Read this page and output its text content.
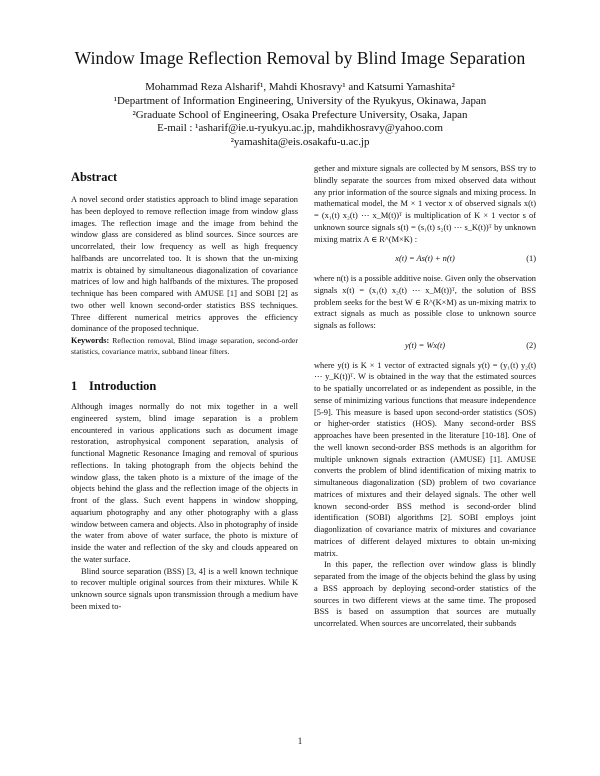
Window Image Reflection Removal by Blind Image Separation
Mohammad Reza Alsharif¹, Mahdi Khosravy¹ and Katsumi Yamashita²
¹Department of Information Engineering, University of the Ryukyus, Okinawa, Japan
²Graduate School of Engineering, Osaka Prefecture University, Osaka, Japan
E-mail : ¹asharif@ie.u-ryukyu.ac.jp, mahdikhosravy@yahoo.com
²yamashita@eis.osakafu-u.ac.jp
Abstract

A novel second order statistics approach to blind image separation has been deployed to remove reflection image from window glass images. The reflection image and the image from behind the window glass are considered as blind sources. Since sources are uncorrelated, their low frequency as well as high frequency halfbands are uncorrelated too. It is shown that the un-mixing matrix is obtained by simultaneous diagonalization of covariance matrices of low and high halfbands of the mixtures. The proposed technique has been compared with AMUSE [1] and SOBI [2] as two other well known second-order statistics BSS techniques. Three different numerical metrics approves the efficiency dominance of the proposed technique.

Keywords: Reflection removal, Blind image separation, second-order statistics, covariance matrix, subband linear filters.

1 Introduction

Although images normally do not mix together in a well engineered system, blind image separation is a problem encountered in various applications such as document image restoration, astrophysical component separation, analysis of functional Magnetic Resonance Imaging and removal of spurious reflections. In taking photograph from the objects behind the window glass, the taken photo is a mixture of the image of the objects behind the glass and the reflection image of the objects in front of the glass. Such event happens in window shopping, aquarium photography and any other photography with a glass window between camera and objects. Also in photography of inside the water from above of water surface, the photo is mixture of inside the water and reflection of the sky and clouds appeared on the water surface.

Blind source separation (BSS) [3, 4] is a well known technique to recover multiple original sources from their mixtures. While K unknown source signals upon transmission through a medium have been mixed to-

gether and mixture signals are collected by M sensors, BSS try to blindly separate the sources from mixed observed data without any prior information of the source signals and mixing process. In mathematical model, the M × 1 vector x of observed signals x(t) = (x₁(t) x₂(t) ⋯ x_M(t))ᵀ is multiplication of K × 1 vector s of unknown source signals s(t) = (s₁(t) s₂(t) ⋯ s_K(t))ᵀ by unknown mixing matrix A ∈ R^(M×K) :

x(t) = As(t) + n(t)	(1)

where n(t) is a possible additive noise. Given only the observation signals x(t) = (x₁(t) x₂(t) ⋯ x_M(t))ᵀ, the solution of BSS problem seeks for the best W ∈ R^(K×M) as un-mixing matrix to extract signals as much as possible close to unknown source signals as follows:

y(t) = Wx(t)	(2)

where y(t) is K × 1 vector of extracted signals y(t) = (y₁(t) y₂(t) ⋯ y_K(t))ᵀ. W is obtained in the way that the estimated sources to be spatially uncorrelated or as independent as possible, in the sense of minimizing various functions that measure independence [5-9]. This measure is based upon second-order statistics (SOS) or higher-order statistics (HOS). Many second-order BSS approaches have been presented in the literature [10-18]. One of the well known second-order BSS methods is an algorithm for multiple unknown signals extraction (AMUSE) [1]. AMUSE converts the problem of blind identification of mixing matrix to simultaneous diagonalization (SD) problem of two covariance matrices of mixtures and their delayed signals. The other well known second-order BSS method is second-order blind identification (SOBI) algorithms [2]. SOBI employs joint diagonlization of covariance matrix of mixtures and covariance matrices of different delayed mixtures to obtain un-mixing matrix.

In this paper, the reflection over window glass is blindly separated from the image of the objects behind the glass by using a BSS approach by deploying second-order statistics of the sources in two different views at the same time. The proposed BSS is based on assumption that sources are mutually uncorrelated. When sources are uncorrelated, their subbands

1
